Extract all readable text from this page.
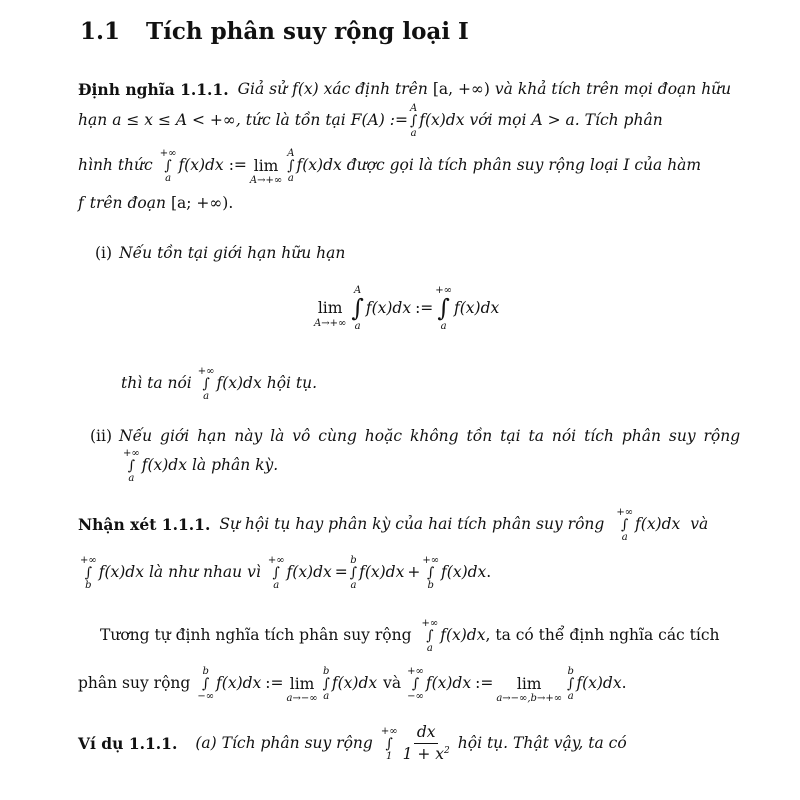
1.1 Tích phân suy rộng loại I
Định nghĩa 1.1.1. Giả sử f(x) xác định trên [a, +∞) và khả tích trên mọi đoạn hữu
hạn a ≤ x ≤ A < +∞, tức là tồn tại F(A) :=
A
∫
a
f(x)dx với mọi A > a. Tích phân
hình thức
+∞
∫
a
f(x)dx := lim
A→+∞
A
∫
a
f(x)dx được gọi là tích phân suy rộng loại I của hàm
f trên đoạn [a; +∞).
(i) Nếu tồn tại giới hạn hữu hạn
lim
A→+∞
A
∫
a
f(x)dx :=
+∞
∫
a
f(x)dx
thì ta nói
+∞
∫
a
f(x)dx hội tụ.
(ii) Nếu giới hạn này là vô cùng hoặc không tồn tại ta nói tích phân suy rộng
+∞
∫
a
f(x)dx là phân kỳ.
Nhận xét 1.1.1. Sự hội tụ hay phân kỳ của hai tích phân suy rông
+∞
∫
a
f(x)dx và
+∞
∫
b
f(x)dx là như nhau vì
+∞
∫
a
f(x)dx =
b
∫
a
f(x)dx +
+∞
∫
b
f(x)dx .
Tương tự định nghĩa tích phân suy rộng
+∞
∫
a
f(x)dx , ta có thể định nghĩa các tích
phân suy rộng
b
∫
−∞
f(x)dx := lim
a→−∞
b
∫
a
f(x)dx và
+∞
∫
−∞
f(x)dx := lim
a→−∞,b→+∞
b
∫
a
f(x)dx .
Ví dụ 1.1.1. (a) Tích phân suy rộng
+∞
∫
$1 \frac{dx}{1 + x^2}$ hội tụ. Thật vậy, ta có
